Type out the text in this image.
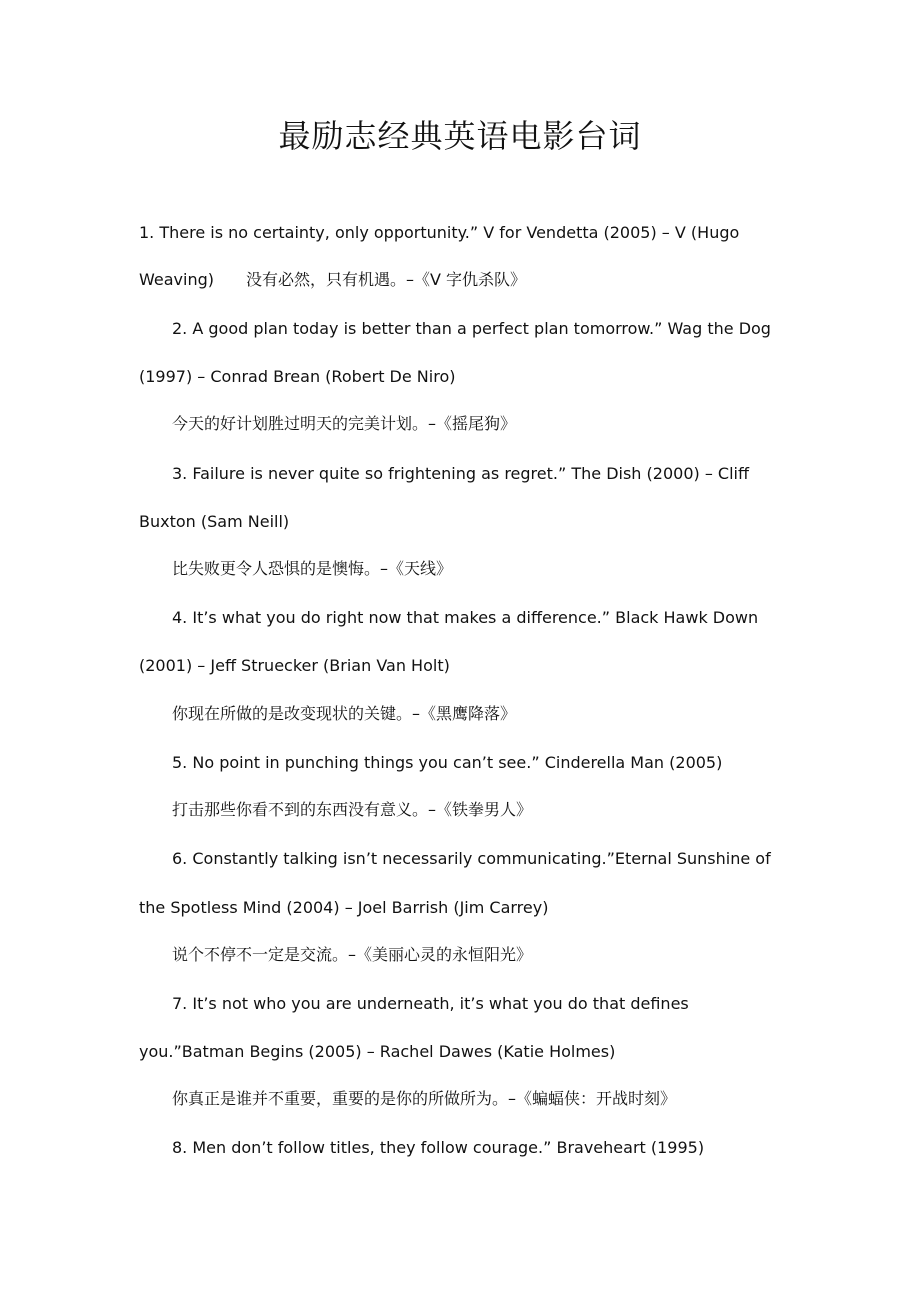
最励志经典英语电影台词
1. There is no certainty, only opportunity.” V for Vendetta (2005) – V (Hugo
Weaving) 没有必然，只有机遇。–《V 字仇杀队》
2. A good plan today is better than a perfect plan tomorrow.” Wag the Dog
(1997) – Conrad Brean (Robert De Niro)
今天的好计划胜过明天的完美计划。–《摇尾狗》
3. Failure is never quite so frightening as regret.” The Dish (2000) – Cliff
Buxton (Sam Neill)
比失败更令人恐惧的是懊悔。–《天线》
4. It’s what you do right now that makes a difference.” Black Hawk Down
(2001) – Jeff Struecker (Brian Van Holt)
你现在所做的是改变现状的关键。–《黑鹰降落》
5. No point in punching things you can’t see.” Cinderella Man (2005)
打击那些你看不到的东西没有意义。–《铁拳男人》
6. Constantly talking isn’t necessarily communicating.”Eternal Sunshine of
the Spotless Mind (2004) – Joel Barrish (Jim Carrey)
说个不停不一定是交流。–《美丽心灵的永恒阳光》
7. It’s not who you are underneath, it’s what you do that defines
you.”Batman Begins (2005) – Rachel Dawes (Katie Holmes)
你真正是谁并不重要，重要的是你的所做所为。–《蝙蝠侠：开战时刻》
8. Men don’t follow titles, they follow courage.” Braveheart (1995)
